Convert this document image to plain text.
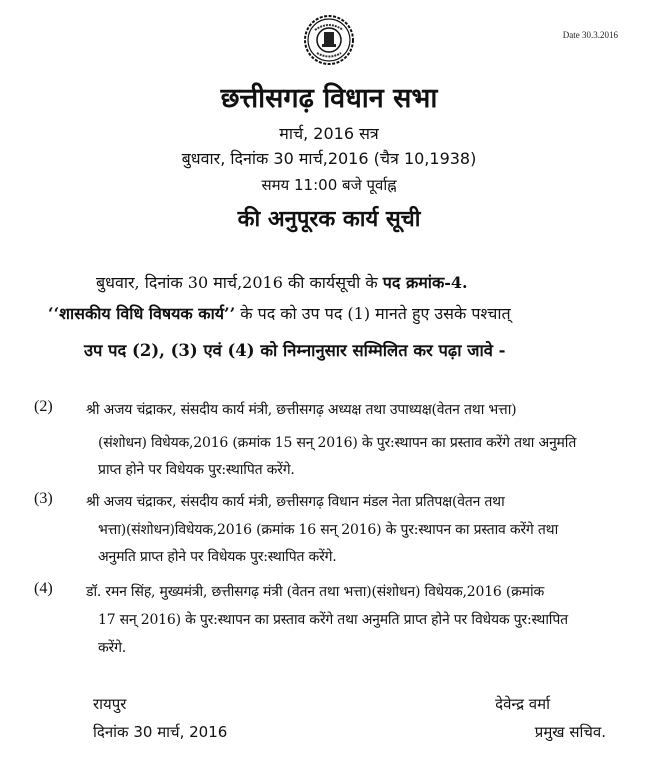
Date 30.3.2016
छत्तीसगढ़ विधान सभा
मार्च, 2016 सत्र
बुधवार, दिनांक 30 मार्च,2016 (चैत्र 10,1938)
समय 11:00 बजे पूर्वाह्न
की अनुपूरक कार्य सूची
बुधवार, दिनांक 30 मार्च,2016 की कार्यसूची के पद क्रमांक-4.
‘‘शासकीय विधि विषयक कार्य’’ के पद को उप पद (1) मानते हुए उसके पश्चात्
उप पद (2), (3) एवं (4) को निम्नानुसार सम्मिलित कर पढ़ा जावे -
(2) श्री अजय चंद्राकर, संसदीय कार्य मंत्री, छत्तीसगढ़ अध्यक्ष तथा उपाध्यक्ष(वेतन तथा भत्ता)
(संशोधन) विधेयक,2016 (क्रमांक 15 सन् 2016) के पुर:स्थापन का प्रस्ताव करेंगे तथा अनुमति
प्राप्त होने पर विधेयक पुर:स्थापित करेंगे.
(3) श्री अजय चंद्राकर, संसदीय कार्य मंत्री, छत्तीसगढ़ विधान मंडल नेता प्रतिपक्ष(वेतन तथा
भत्ता)(संशोधन)विधेयक,2016 (क्रमांक 16 सन् 2016) के पुर:स्थापन का प्रस्ताव करेंगे तथा
अनुमति प्राप्त होने पर विधेयक पुर:स्थापित करेंगे.
(4) डॉ. रमन सिंह, मुख्यमंत्री, छत्तीसगढ़ मंत्री (वेतन तथा भत्ता)(संशोधन) विधेयक,2016 (क्रमांक
17 सन् 2016) के पुर:स्थापन का प्रस्ताव करेंगे तथा अनुमति प्राप्त होने पर विधेयक पुर:स्थापित
करेंगे.
रायपुर
दिनांक 30 मार्च, 2016
देवेन्द्र वर्मा
प्रमुख सचिव.
